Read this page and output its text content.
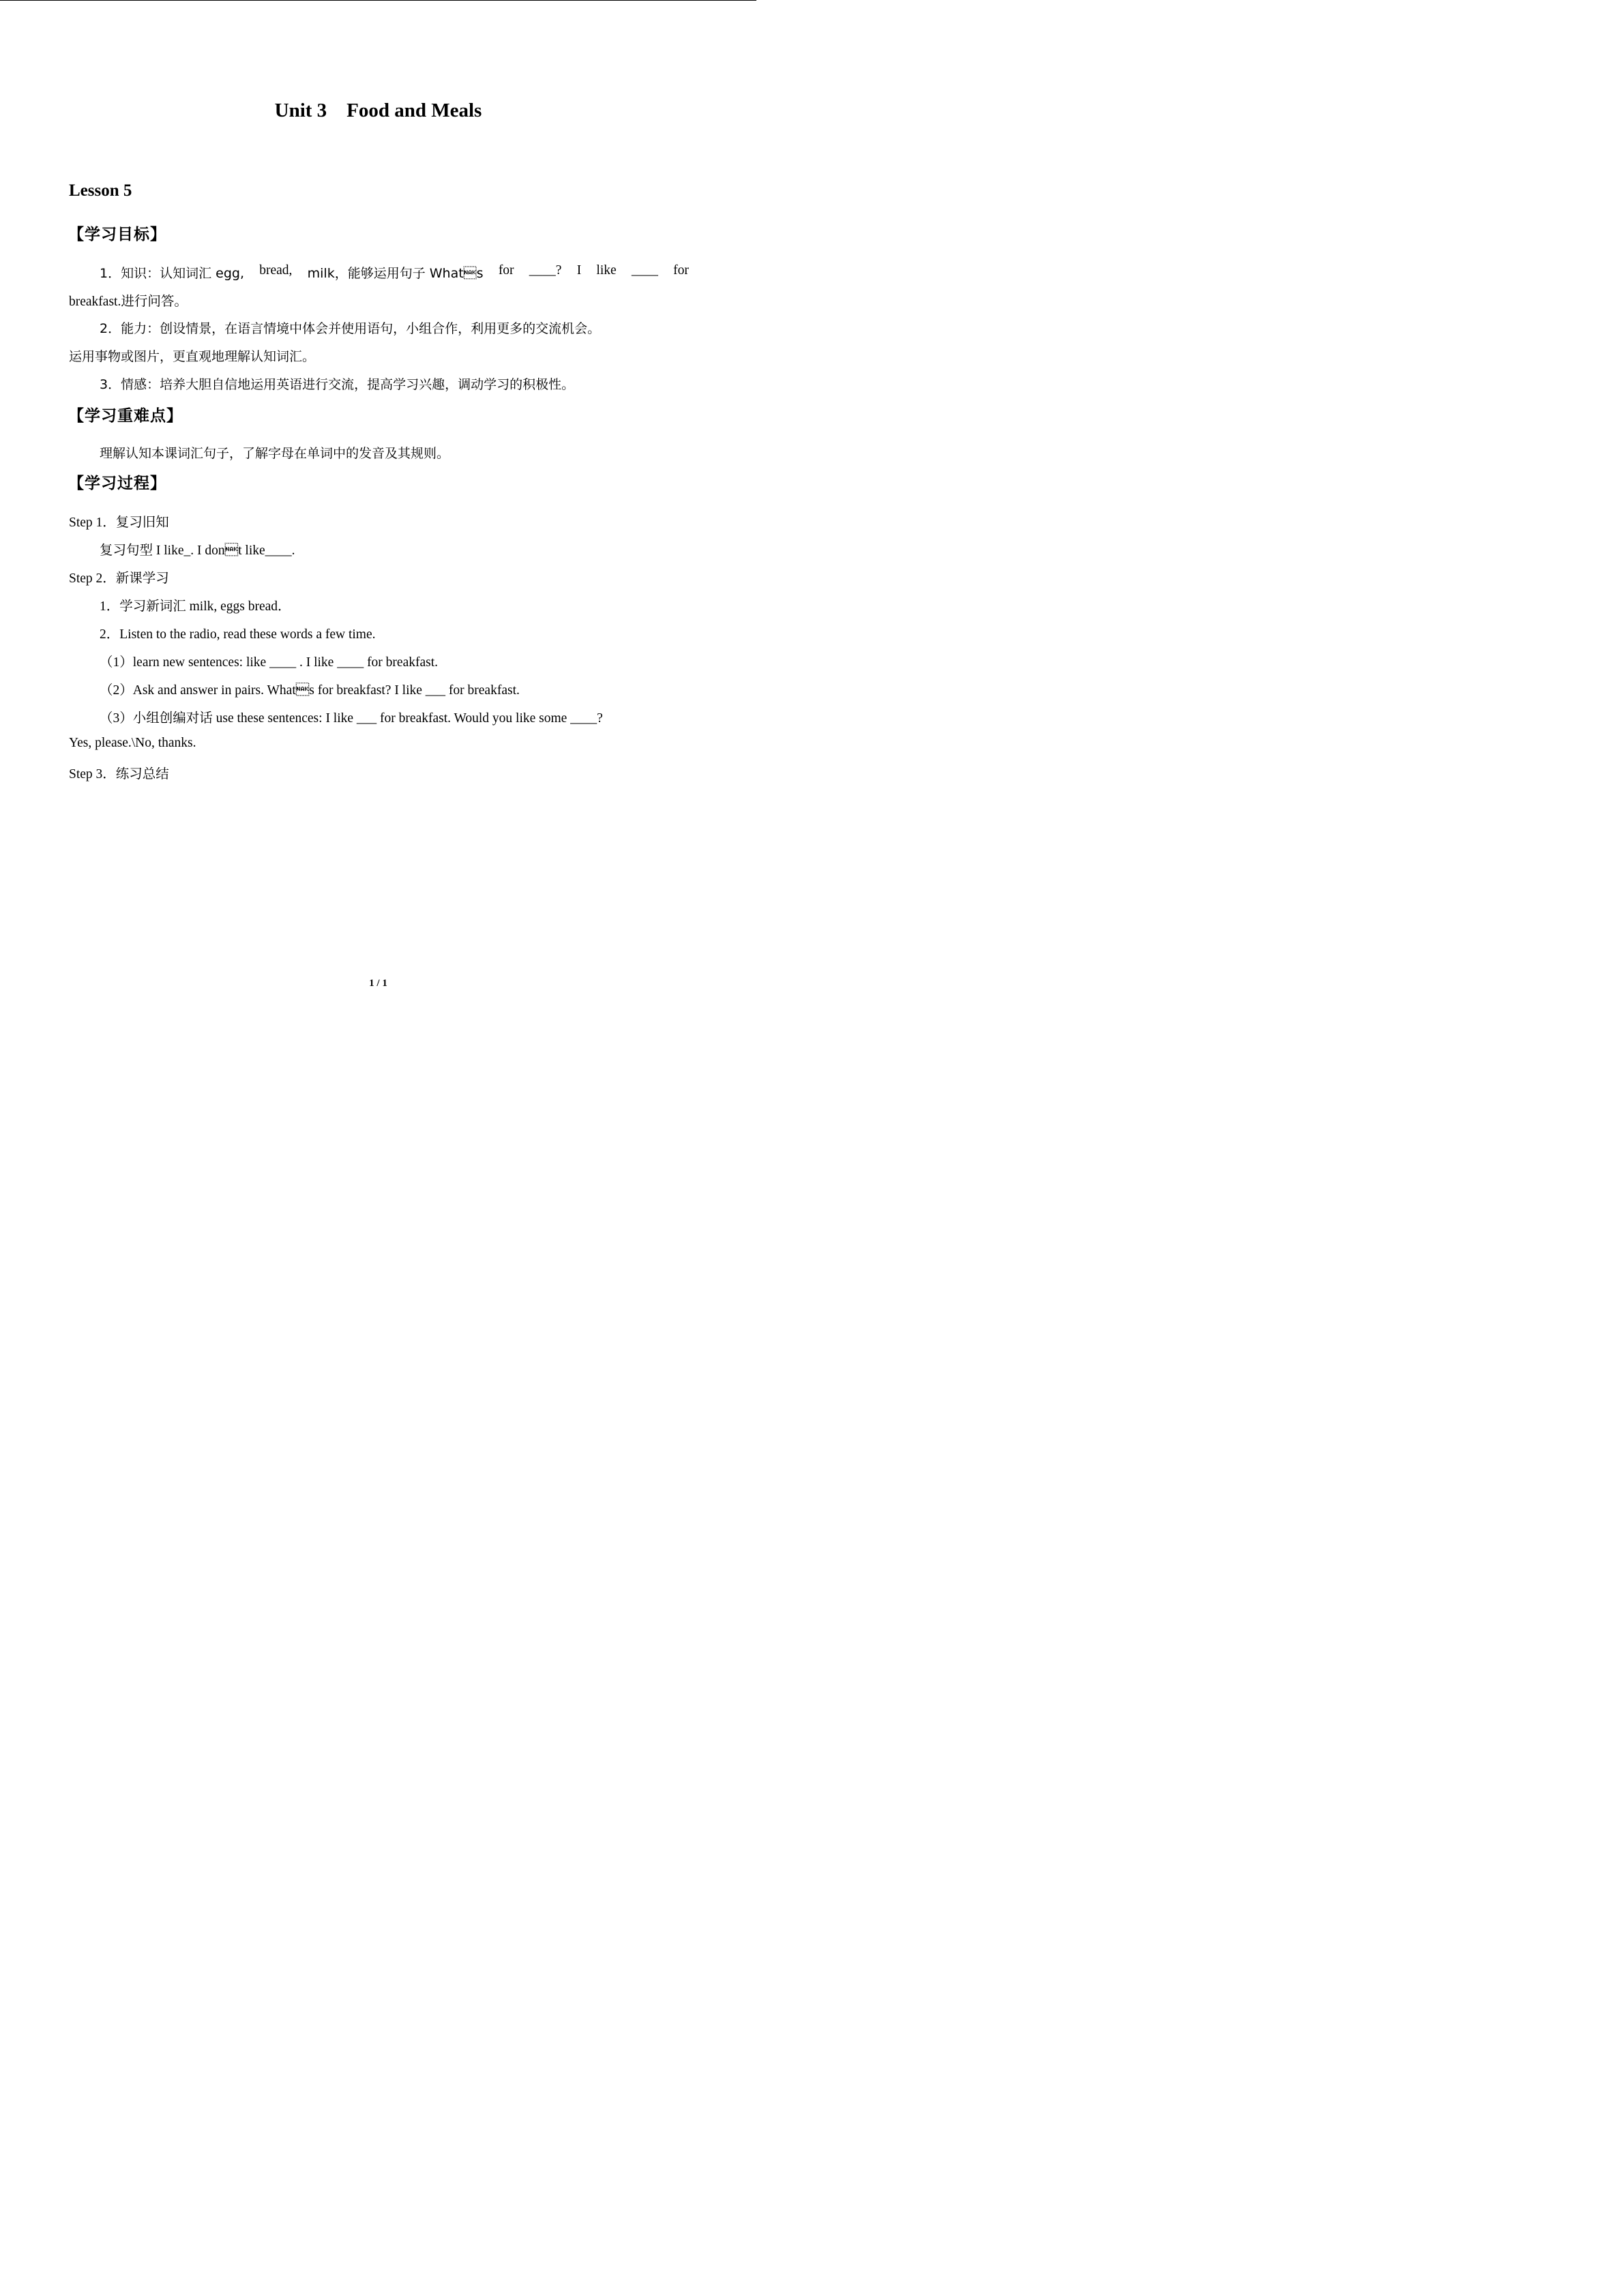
Unit 3    Food and Meals
Lesson 5
【学习目标】
1．知识：认知词汇 egg, bread, milk，能够运用句子 Whats for ____? I like ____ for
breakfast.进行问答。
2．能力：创设情景，在语言情境中体会并使用语句，小组合作，利用更多的交流机会。
运用事物或图片，更直观地理解认知词汇。
3．情感：培养大胆自信地运用英语进行交流，提高学习兴趣，调动学习的积极性。
【学习重难点】
理解认知本课词汇句子，了解字母在单词中的发音及其规则。
【学习过程】
Step 1．复习旧知
复习句型 I like_. I dont like____.
Step 2．新课学习
1．学习新词汇 milk, eggs bread．
2．Listen to the radio, read these words a few time.
（1）learn new sentences: like ____ . I like ____ for breakfast.
（2）Ask and answer in pairs. Whats for breakfast? I like ___ for breakfast.
（3）小组创编对话 use these sentences: I like ___ for breakfast. Would you like some ____?
Yes, please.\No, thanks.
Step 3．练习总结
1 / 1
